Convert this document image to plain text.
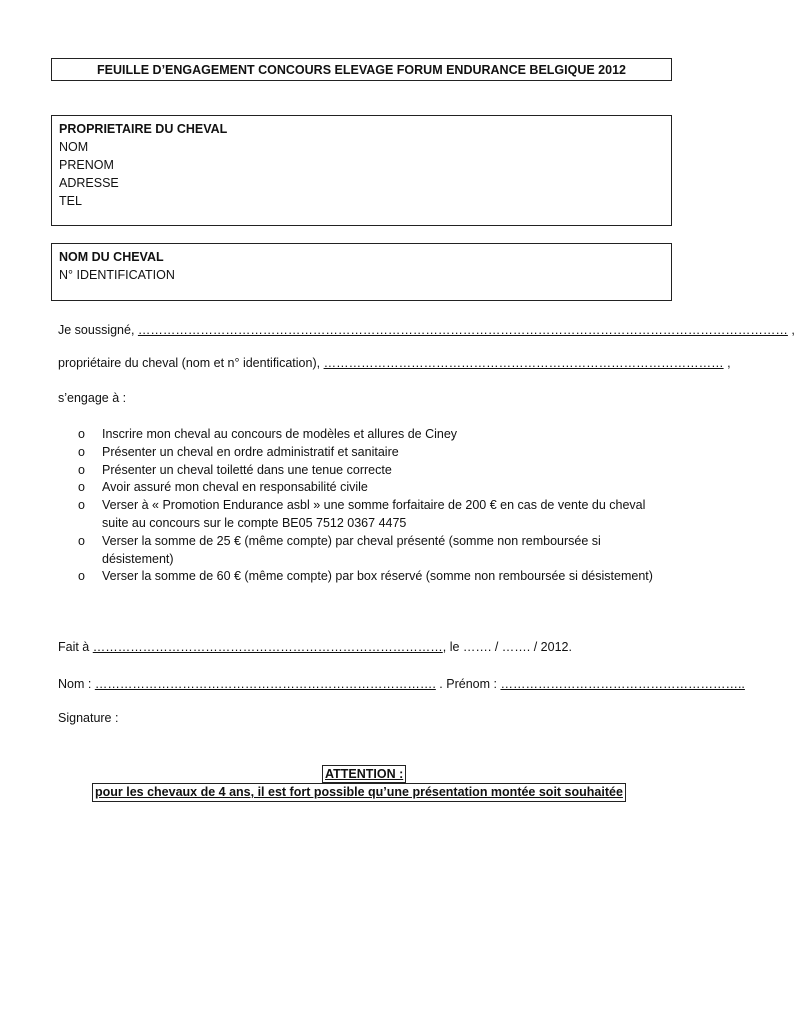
FEUILLE D’ENGAGEMENT CONCOURS ELEVAGE FORUM ENDURANCE BELGIQUE 2012
PROPRIETAIRE DU CHEVAL
NOM
PRENOM
ADRESSE
TEL
NOM DU CHEVAL
N° IDENTIFICATION
Je soussigné, ………………………………………………………………………………………………………………………………………… ,
propriétaire du cheval (nom et n° identification), …………………………………………………………………………………… ,
s’engage à :
o Inscrire mon cheval au concours de modèles et allures de Ciney
o Présenter un cheval en ordre administratif et sanitaire
o Présenter un cheval toiletté dans une tenue correcte
o Avoir assuré mon cheval en responsabilité civile
o Verser à « Promotion Endurance asbl » une somme forfaitaire de 200 € en cas de vente du cheval suite au concours sur le compte BE05 7512 0367 4475
o Verser la somme de 25 € (même compte) par cheval présenté (somme non remboursée si désistement)
o Verser la somme de 60 € (même compte) par box réservé (somme non remboursée si désistement)
Fait à …………………………………………………………………………, le ……. / ……. / 2012.
Nom : ………………………………………………………………………. . Prénom : …………………………………………………..
Signature :
ATTENTION :
pour les chevaux de 4 ans, il est fort possible qu’une présentation montée soit souhaitée
